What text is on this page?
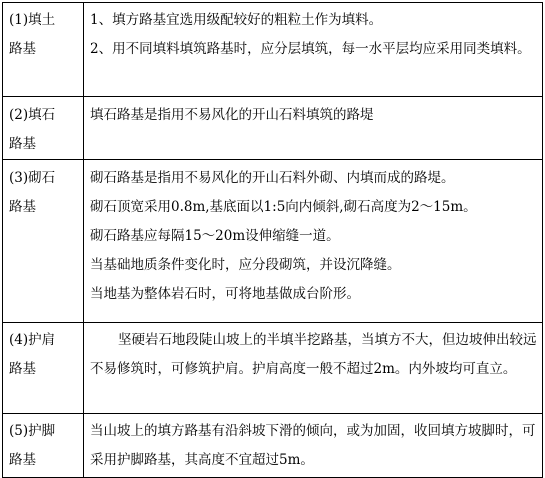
(1)填土
路基	1、填方路基宜选用级配较好的粗粒土作为填料。
2、用不同填料填筑路基时，应分层填筑，每一水平层均应采用同类填料。

(2)填石
路基	填石路基是指用不易风化的开山石料填筑的路堤

(3)砌石
路基	砌石路基是指用不易风化的开山石料外砌、内填而成的路堤。
砌石顶宽采用0.8m,基底面以1:5向内倾斜,砌石高度为2～15m。
砌石路基应每隔15～20m设伸缩缝一道。
当基础地质条件变化时，应分段砌筑，并设沉降缝。
当地基为整体岩石时，可将地基做成台阶形。

(4)护肩
路基	坚硬岩石地段陡山坡上的半填半挖路基，当填方不大，但边坡伸出较远不易修筑时，可修筑护肩。护肩高度一般不超过2m。内外坡均可直立。

(5)护脚
路基	当山坡上的填方路基有沿斜坡下滑的倾向，或为加固，收回填方坡脚时，可采用护脚路基，其高度不宜超过5m。
